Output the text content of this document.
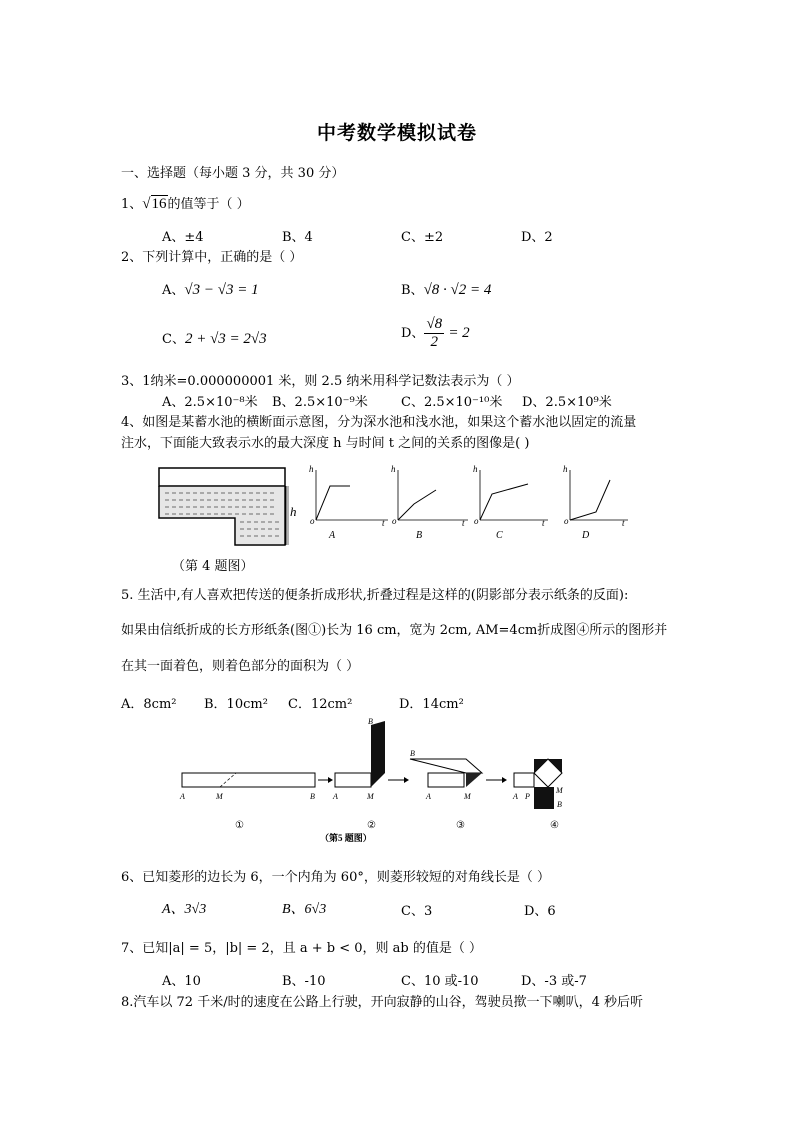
中考数学模拟试卷
一、选择题（每小题 3 分，共 30 分）
1、√16的值等于（ ）
A、±4	B、4	C、±2	D、2
2、下列计算中，正确的是（ ）
A、√3 − √3 = 1	B、√8 · √2 = 4
C、2 + √3 = 2√3	D、 $\frac{√8}{2} = 2$
3、1纳米=0.000000001 米，则 2.5 纳米用科学记数法表示为（ ）
A、2.5×10⁻⁸米 B、2.5×10⁻⁹米	C、2.5×10⁻¹⁰米 D、2.5×10⁹米
4、如图是某蓄水池的横断面示意图，分为深水池和浅水池，如果这个蓄水池以固定的流量
注水，下面能大致表示水的最大深度 h 与时间 t 之间的关系的图像是( )
h
o
h
t
A
o
h
t
B
o
h
t
C
o
h
t
D
（第 4 题图）
5. 生活中,有人喜欢把传送的便条折成形状,折叠过程是这样的(阴影部分表示纸条的反面):
如果由信纸折成的长方形纸条(图①)长为 16 cm，宽为 2cm, AM=4cm折成图④所示的图形并
在其一面着色，则着色部分的面积为（ ）
A．8cm² B．10cm² C．12cm²	D．14cm²
A	M	B
①
B
A	M
②
B
A	M
③
A P
M
B
④
（第5 题图）
6、已知菱形的边长为 6，一个内角为 60°，则菱形较短的对角线长是（ ）
A、3√3	B、6√3	C、3	D、6
7、已知|a| = 5，|b| = 2，且 a + b < 0，则 ab 的值是（ ）
A、10	B、-10	C、10 或-10	D、-3 或-7
8.汽车以 72 千米/时的速度在公路上行驶，开向寂静的山谷，驾驶员揿一下喇叭，4 秒后听
